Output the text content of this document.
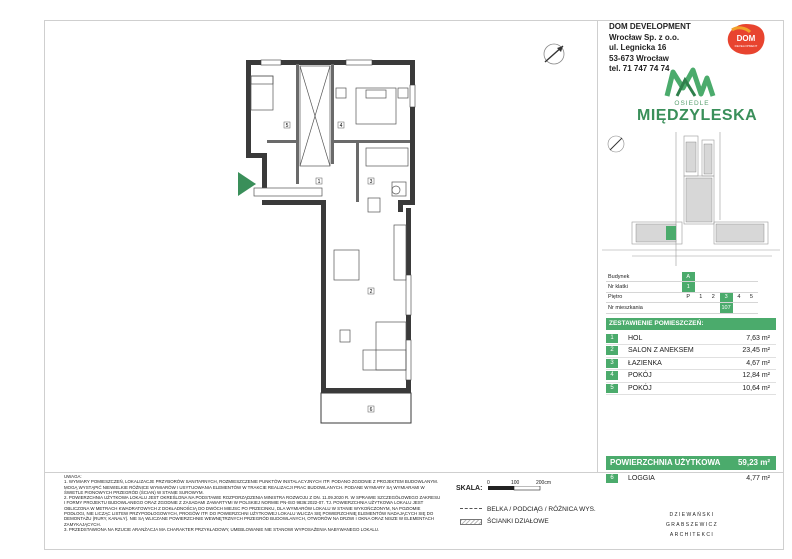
5	4
1	3
2
6
DOM DEVELOPMENT
Wrocław Sp. z o.o.
ul. Legnicka 16
53-673 Wrocław
tel. 71 747 74 74
DOM
DEVELOPMENT
OSIEDLE
MIĘDZYLESKA
Budynek	A					
Nr klatki	1					
Piętro	P	1	2	3	4	5
Nr mieszkania				107		
ZESTAWIENIE POMIESZCZEŃ:
1	HOL	7,63 m²
2	SALON Z ANEKSEM	23,45 m²
3	ŁAZIENKA	4,67 m²
4	POKÓJ	12,84 m²
5	POKÓJ	10,64 m²
POWIERZCHNIA UŻYTKOWA 59,23 m²
6	LOGGIA	4,77 m²
UWAGA:
1. WYMIARY POMIESZCZEŃ, LOKALIZACJE PRZYBORÓW SANITARNYCH, ROZMIESZCZENIE PUNKTÓW INSTALACYJNYCH ITP. PODANO ZGODNIE Z PROJEKTEM BUDOWLANYM. MOGĄ WYSTĄPIĆ NIEWIELKIE RÓŻNICE WYMIARÓW I USYTUOWANIA ELEMENTÓW W TRAKCIE REALIZACJI PRAC BUDOWLANYCH. PODANE WYMIARY SĄ WYMIARAMI W ŚWIETLE PIONOWYCH PRZEGRÓD (ŚCIAN) W STANIE SUROWYM.
2. POWIERZCHNIA UŻYTKOWA LOKALU JEST OKREŚLONA NA PODSTAWIE ROZPORZĄDZENIA MINISTRA ROZWOJU Z DN. 11.09.2020 R. W SPRAWIE SZCZEGÓŁOWEGO ZAKRESU I FORMY PROJEKTU BUDOWLANEGO ORAZ ZGODNIE Z ZASADAMI ZAWARTYMI W POLSKIEJ NORMIE PN-ISO 9836:2022-07. TJ. POWIERZCHNIA UŻYTKOWA LOKALU JEST OBLICZONA W METRACH KWADRATOWYCH Z DOKŁADNOŚCIĄ DO DWÓCH MIEJSC PO PRZECINKU, DLA WYMIARÓW LOKALU W STANIE WYKOŃCZONYM, NA POZIOMIE PODŁOGI, NIE LICZĄC LISTEW PRZYPODŁOGOWYCH, PROGÓW ITP. DO POWIERZCHNI UŻYTKOWEJ LOKALU WLICZA SIĘ POWIERZCHNIĘ ELEMENTÓW NADAJĄCYCH SIĘ DO DEMONTAŻU (RURY, KANAŁY). NIE SĄ WLICZANE POWIERZCHNIE WEWNĘTRZNYCH PRZEGRÓD BUDOWLANYCH, OTWORÓW NA DRZWI I OKNA ORAZ NISZE W ELEMENTACH ZAMYKAJĄCYCH.
3. PRZEDSTAWIONA NA RZUCIE ARANŻACJA MA CHARAKTER PRZYKŁADOWY, UMEBLOWANIE NIE STANOWI WYPOSAŻENIA NABYWANEGO LOKALU.
SKALA:
0	100	200cm
BELKA / PODCIĄG / RÓŻNICA WYS.
ŚCIANKI DZIAŁOWE
DZIEWAŃSKI
GRABSZEWICZ
ARCHITEKCI
